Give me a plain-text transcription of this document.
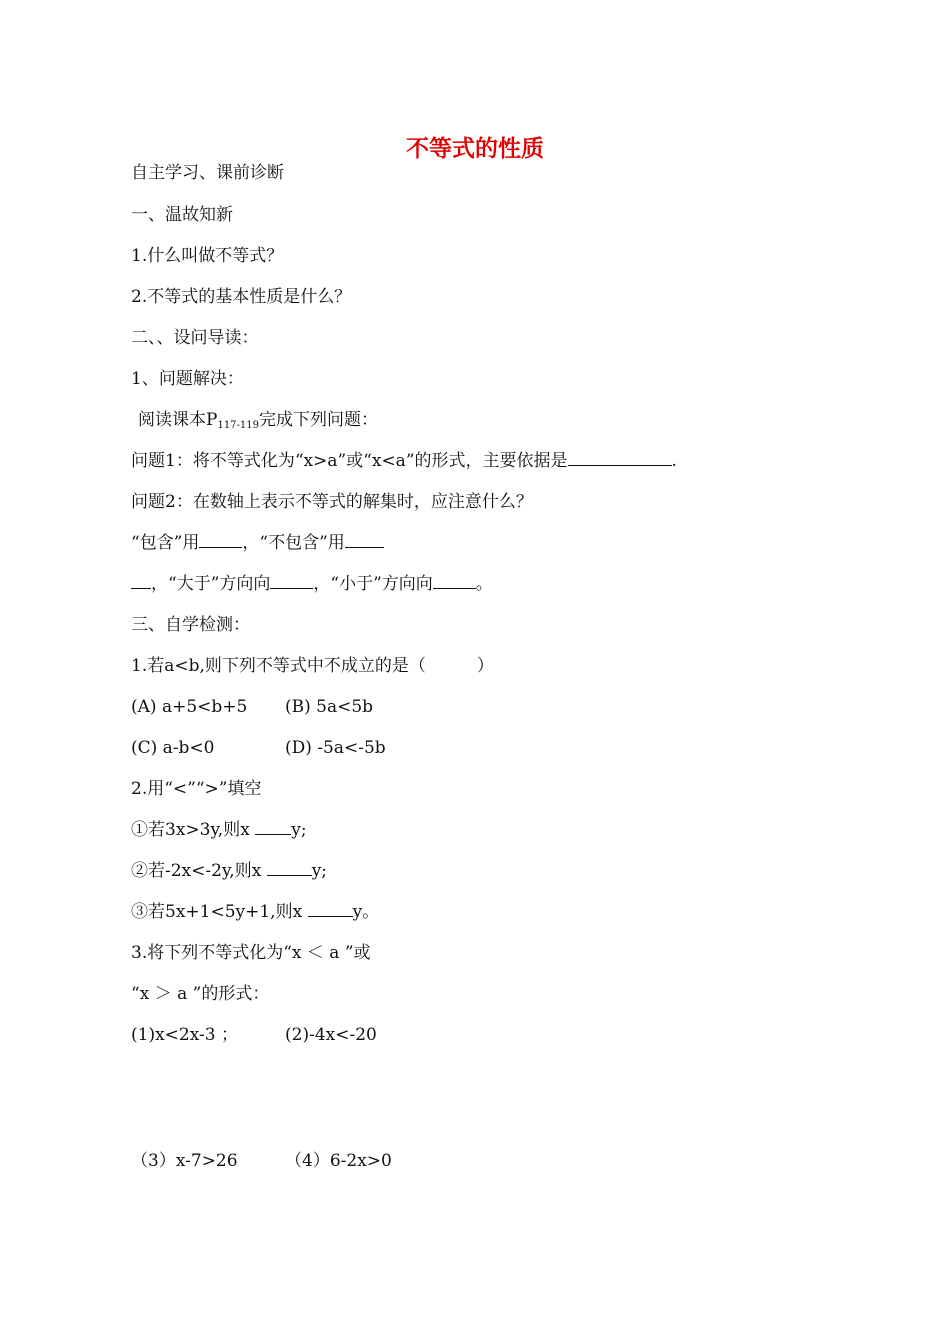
不等式的性质
自主学习、课前诊断
一、温故知新
1.什么叫做不等式？
2.不等式的基本性质是什么？
二、、设问导读：
1、问题解决：
阅读课本$P_{117-119}$完成下列问题：
问题1：将不等式化为“x>a”或“x<a”的形式，主要依据是	.
问题2：在数轴上表示不等式的解集时，应注意什么？
“包含”用	，“不包含”用
，“大于”方向向	，“小于”方向向	。
三、自学检测：
1.若a<b,则下列不等式中不成立的是（　　　）
(A) a+5<b+5 (B) 5a<5b
(C) a-b<0	(D) -5a<-5b
2.用“<”“>”填空
①若3x>3y,则x y;
②若-2x<-2y,则x	y;
③若5x+1<5y+1,则x	y。
3.将下列不等式化为“x ＜ a ”或
“x ＞ a ”的形式：
(1)x<2x-3 ；	(2)-4x<-20
（3）x-7>26	（4）6-2x>0
